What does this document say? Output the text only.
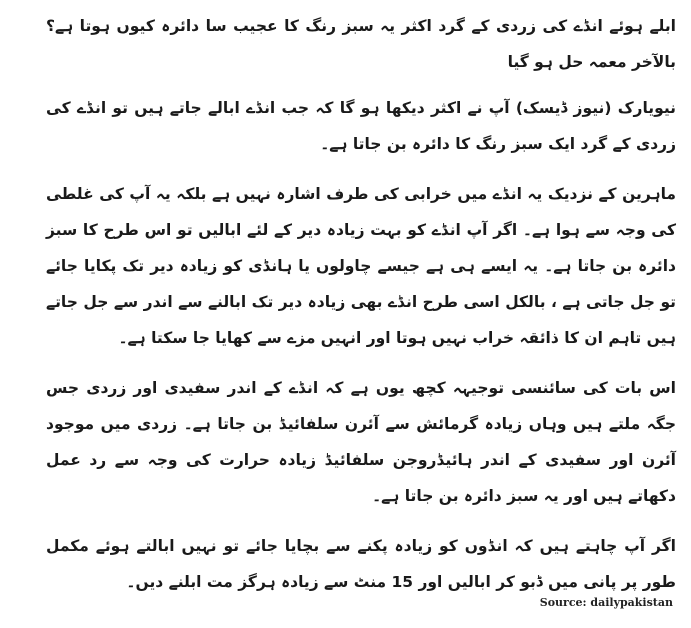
ابلے ہوئے انڈے کی زردی کے گرد اکثر یہ سبز رنگ کا عجیب سا دائرہ کیوں ہوتا ہے؟ بالآخر معمہ حل ہو گیا

نیویارک (نیوز ڈیسک) آپ نے اکثر دیکھا ہو گا کہ جب انڈے ابالے جاتے ہیں تو انڈے کی زردی کے گرد ایک سبز رنگ کا دائرہ بن جاتا ہے۔

ماہرین کے نزدیک یہ انڈے میں خرابی کی طرف اشارہ نہیں ہے بلکہ یہ آپ کی غلطی کی وجہ سے ہوا ہے۔ اگر آپ انڈے کو بہت زیادہ دیر کے لئے ابالیں تو اس طرح کا سبز دائرہ بن جاتا ہے۔ یہ ایسے ہی ہے جیسے چاولوں یا ہانڈی کو زیادہ دیر تک پکایا جائے تو جل جاتی ہے ، بالکل اسی طرح انڈے بھی زیادہ دیر تک ابالنے سے اندر سے جل جاتے ہیں تاہم ان کا ذائقہ خراب نہیں ہوتا اور انہیں مزے سے کھایا جا سکتا ہے۔

اس بات کی سائنسی توجیہہ کچھ یوں ہے کہ انڈے کے اندر سفیدی اور زردی جس جگہ ملتے ہیں وہاں زیادہ گرمائش سے آئرن سلفائیڈ بن جاتا ہے۔ زردی میں موجود آئرن اور سفیدی کے اندر ہائیڈروجن سلفائیڈ زیادہ حرارت کی وجہ سے رد عمل دکھاتے ہیں اور یہ سبز دائرہ بن جاتا ہے۔

اگر آپ چاہتے ہیں کہ انڈوں کو زیادہ پکنے سے بچایا جائے تو نہیں ابالتے ہوئے مکمل طور پر پانی میں ڈبو کر ابالیں اور 15 منٹ سے زیادہ ہرگز مت ابلنے دیں۔

Source: dailypakistan
